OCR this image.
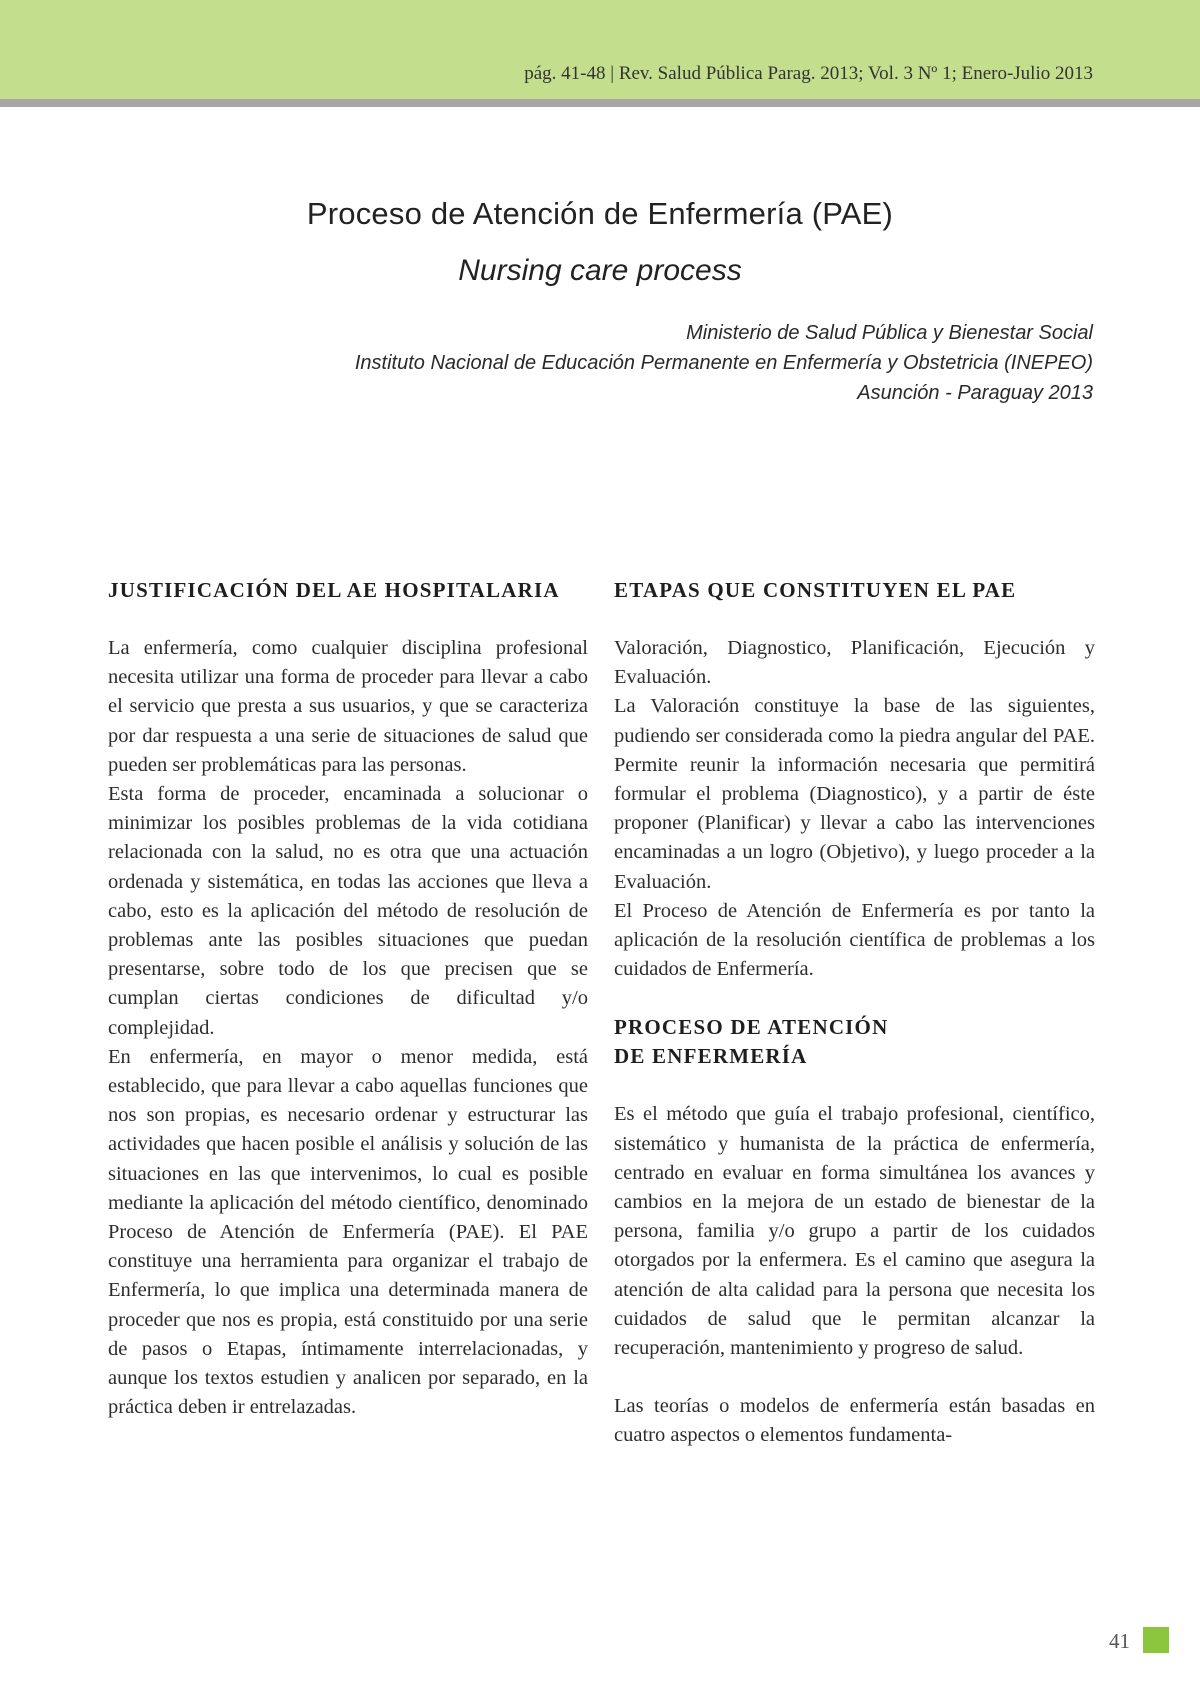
pág. 41-48 | Rev. Salud Pública Parag. 2013; Vol. 3 Nº 1; Enero-Julio 2013
Proceso de Atención de Enfermería (PAE)
Nursing care process
Ministerio de Salud Pública y Bienestar Social
Instituto Nacional de Educación Permanente en Enfermería y Obstetricia (INEPEO)
Asunción - Paraguay 2013
JUSTIFICACIÓN DEL AE HOSPITALARIA

La enfermería, como cualquier disciplina profesional necesita utilizar una forma de proceder para llevar a cabo el servicio que presta a sus usuarios, y que se caracteriza por dar respuesta a una serie de situaciones de salud que pueden ser problemáticas para las personas.

Esta forma de proceder, encaminada a solucionar o minimizar los posibles problemas de la vida cotidiana relacionada con la salud, no es otra que una actuación ordenada y sistemática, en todas las acciones que lleva a cabo, esto es la aplicación del método de resolución de problemas ante las posibles situaciones que puedan presentarse, sobre todo de los que precisen que se cumplan ciertas condiciones de dificultad y/o complejidad.

En enfermería, en mayor o menor medida, está establecido, que para llevar a cabo aquellas funciones que nos son propias, es necesario ordenar y estructurar las actividades que hacen posible el análisis y solución de las situaciones en las que intervenimos, lo cual es posible mediante la aplicación del método científico, denominado Proceso de Atención de Enfermería (PAE). El PAE constituye una herramienta para organizar el trabajo de Enfermería, lo que implica una determinada manera de proceder que nos es propia, está constituido por una serie de pasos o Etapas, íntimamente interrelacionadas, y aunque los textos estudien y analicen por separado, en la práctica deben ir entrelazadas.

ETAPAS QUE CONSTITUYEN EL PAE

Valoración, Diagnostico, Planificación, Ejecución y Evaluación.

La Valoración constituye la base de las siguientes, pudiendo ser considerada como la piedra angular del PAE. Permite reunir la información necesaria que permitirá formular el problema (Diagnostico), y a partir de éste proponer (Planificar) y llevar a cabo las intervenciones encaminadas a un logro (Objetivo), y luego proceder a la Evaluación.

El Proceso de Atención de Enfermería es por tanto la aplicación de la resolución científica de problemas a los cuidados de Enfermería.

PROCESO DE ATENCIÓN
DE ENFERMERÍA

Es el método que guía el trabajo profesional, científico, sistemático y humanista de la práctica de enfermería, centrado en evaluar en forma simultánea los avances y cambios en la mejora de un estado de bienestar de la persona, familia y/o grupo a partir de los cuidados otorgados por la enfermera. Es el camino que asegura la atención de alta calidad para la persona que necesita los cuidados de salud que le permitan alcanzar la recuperación, mantenimiento y progreso de salud.

Las teorías o modelos de enfermería están basadas en cuatro aspectos o elementos fundamenta-

41
